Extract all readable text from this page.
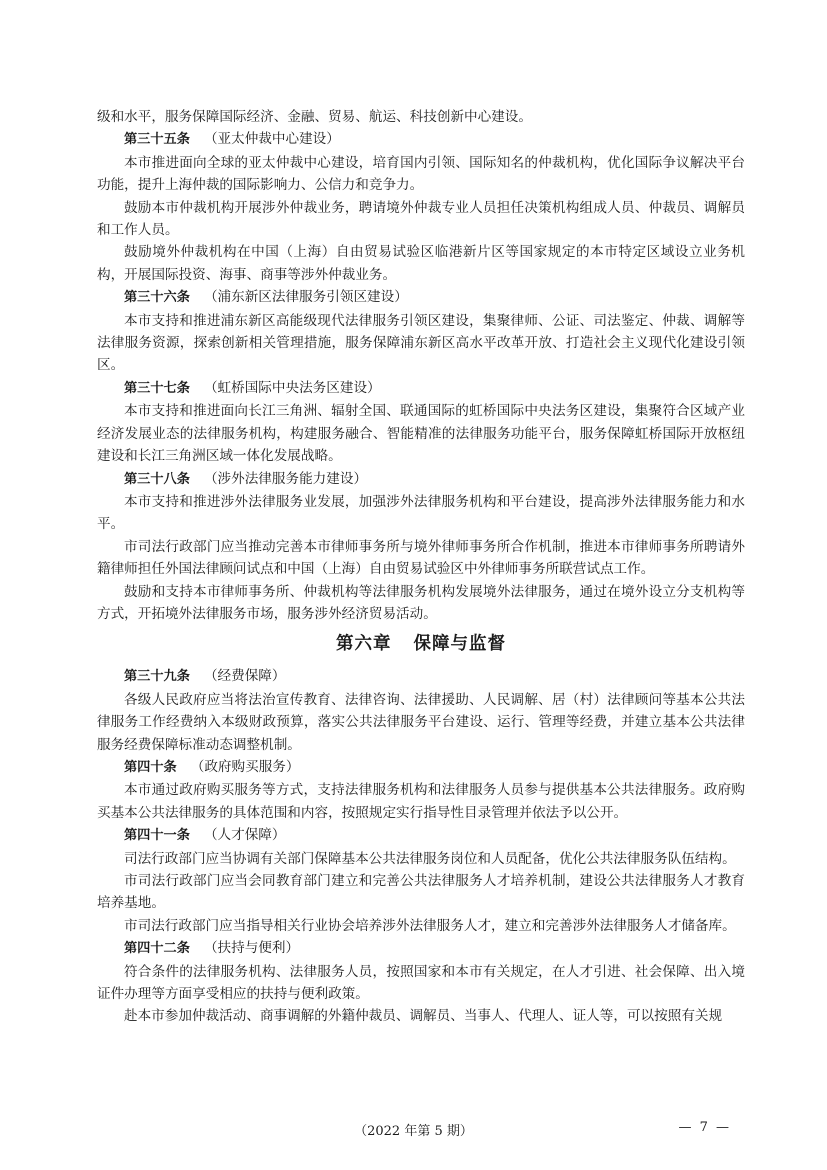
级和水平，服务保障国际经济、金融、贸易、航运、科技创新中心建设。

第三十五条 （亚太仲裁中心建设）

本市推进面向全球的亚太仲裁中心建设，培育国内引领、国际知名的仲裁机构，优化国际争议解决平台功能，提升上海仲裁的国际影响力、公信力和竞争力。

鼓励本市仲裁机构开展涉外仲裁业务，聘请境外仲裁专业人员担任决策机构组成人员、仲裁员、调解员和工作人员。

鼓励境外仲裁机构在中国（上海）自由贸易试验区临港新片区等国家规定的本市特定区域设立业务机构，开展国际投资、海事、商事等涉外仲裁业务。

第三十六条 （浦东新区法律服务引领区建设）

本市支持和推进浦东新区高能级现代法律服务引领区建设，集聚律师、公证、司法鉴定、仲裁、调解等法律服务资源，探索创新相关管理措施，服务保障浦东新区高水平改革开放、打造社会主义现代化建设引领区。

第三十七条 （虹桥国际中央法务区建设）

本市支持和推进面向长江三角洲、辐射全国、联通国际的虹桥国际中央法务区建设，集聚符合区域产业经济发展业态的法律服务机构，构建服务融合、智能精准的法律服务功能平台，服务保障虹桥国际开放枢纽建设和长江三角洲区域一体化发展战略。

第三十八条 （涉外法律服务能力建设）

本市支持和推进涉外法律服务业发展，加强涉外法律服务机构和平台建设，提高涉外法律服务能力和水平。

市司法行政部门应当推动完善本市律师事务所与境外律师事务所合作机制，推进本市律师事务所聘请外籍律师担任外国法律顾问试点和中国（上海）自由贸易试验区中外律师事务所联营试点工作。

鼓励和支持本市律师事务所、仲裁机构等法律服务机构发展境外法律服务，通过在境外设立分支机构等方式，开拓境外法律服务市场，服务涉外经济贸易活动。

第六章 保障与监督

第三十九条 （经费保障）

各级人民政府应当将法治宣传教育、法律咨询、法律援助、人民调解、居（村）法律顾问等基本公共法律服务工作经费纳入本级财政预算，落实公共法律服务平台建设、运行、管理等经费，并建立基本公共法律服务经费保障标准动态调整机制。

第四十条 （政府购买服务）

本市通过政府购买服务等方式，支持法律服务机构和法律服务人员参与提供基本公共法律服务。政府购买基本公共法律服务的具体范围和内容，按照规定实行指导性目录管理并依法予以公开。

第四十一条 （人才保障）

司法行政部门应当协调有关部门保障基本公共法律服务岗位和人员配备，优化公共法律服务队伍结构。

市司法行政部门应当会同教育部门建立和完善公共法律服务人才培养机制，建设公共法律服务人才教育培养基地。

市司法行政部门应当指导相关行业协会培养涉外法律服务人才，建立和完善涉外法律服务人才储备库。

第四十二条 （扶持与便利）

符合条件的法律服务机构、法律服务人员，按照国家和本市有关规定，在人才引进、社会保障、出入境证件办理等方面享受相应的扶持与便利政策。

赴本市参加仲裁活动、商事调解的外籍仲裁员、调解员、当事人、代理人、证人等，可以按照有关规

（2022 年第 5 期）	— 7 —
